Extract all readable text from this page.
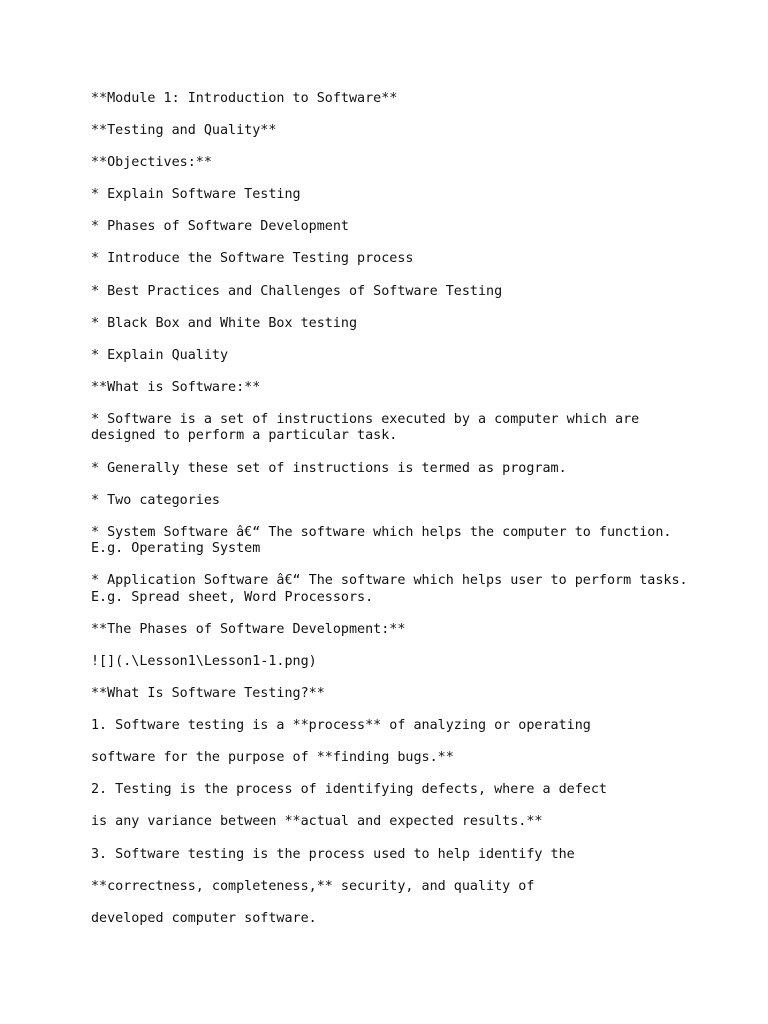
**Module 1: Introduction to Software**

**Testing and Quality**

**Objectives:**

* Explain Software Testing

* Phases of Software Development

* Introduce the Software Testing process

* Best Practices and Challenges of Software Testing

* Black Box and White Box testing

* Explain Quality

**What is Software:**

* Software is a set of instructions executed by a computer which are designed to perform a particular task.

* Generally these set of instructions is termed as program.

* Two categories

* System Software â€“ The software which helps the computer to function. E.g. Operating System

* Application Software â€“ The software which helps user to perform tasks. E.g. Spread sheet, Word Processors.

**The Phases of Software Development:**

![](.\Lesson1\Lesson1-1.png)

**What Is Software Testing?**

1. Software testing is a **process** of analyzing or operating

software for the purpose of **finding bugs.**

2. Testing is the process of identifying defects, where a defect

is any variance between **actual and expected results.**

3. Software testing is the process used to help identify the

**correctness, completeness,** security, and quality of

developed computer software.
